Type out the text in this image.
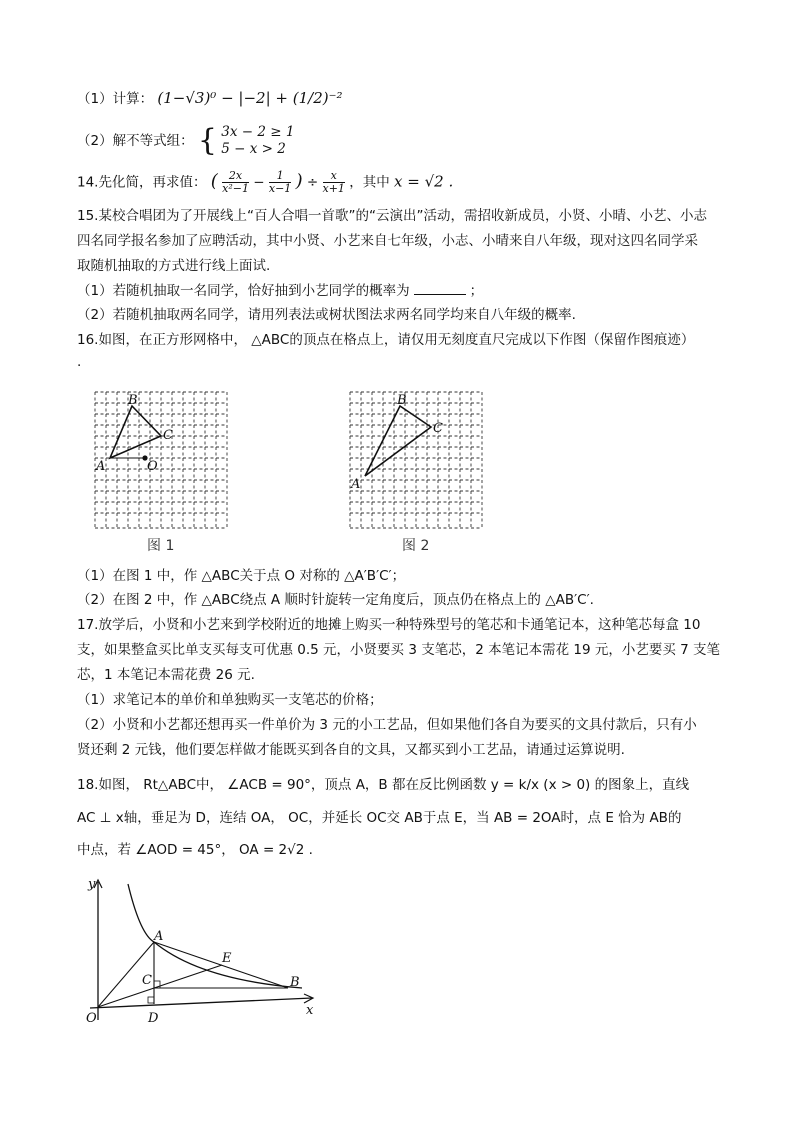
（1）计算： (1−√3)⁰ − |−2| + (1/2)⁻²
（2）解不等式组： { 3x − 2 ≥ 1
5 − x > 2
14.先化简，再求值： ( $\frac{2x}{\text{x²−1}} - \frac{1}{x-1}$ ) ÷ $\frac{x}{x+1}$ ，其中 x = √2 .
15.某校合唱团为了开展线上“百人合唱一首歌”的“云演出”活动，需招收新成员，小贤、小晴、小艺、小志
四名同学报名参加了应聘活动，其中小贤、小艺来自七年级，小志、小晴来自八年级，现对这四名同学采
取随机抽取的方式进行线上面试.
（1）若随机抽取一名同学，恰好抽到小艺同学的概率为	；
（2）若随机抽取两名同学，请用列表法或树状图法求两名同学均来自八年级的概率.
16.如图，在正方形网格中， △ABC的顶点在格点上，请仅用无刻度直尺完成以下作图（保留作图痕迹）
.
B
C
A	O
图 1
B
C
A
图 2
（1）在图 1 中，作 △ABC关于点 O 对称的 △A′B′C′；
（2）在图 2 中，作 △ABC绕点 A 顺时针旋转一定角度后，顶点仍在格点上的 △AB′C′.
17.放学后，小贤和小艺来到学校附近的地摊上购买一种特殊型号的笔芯和卡通笔记本，这种笔芯每盒 10
支，如果整盒买比单支买每支可优惠 0.5 元，小贤要买 3 支笔芯，2 本笔记本需花 19 元，小艺要买 7 支笔
芯，1 本笔记本需花费 26 元.
（1）求笔记本的单价和单独购买一支笔芯的价格；
（2）小贤和小艺都还想再买一件单价为 3 元的小工艺品，但如果他们各自为要买的文具付款后，只有小
贤还剩 2 元钱，他们要怎样做才能既买到各自的文具，又都买到小工艺品，请通过运算说明.
18.如图， Rt△ABC中， ∠ACB = 90°，顶点 A，B 都在反比例函数 y = k/x (x > 0) 的图象上，直线
AC ⊥ x轴，垂足为 D，连结 OA， OC，并延长 OC交 AB于点 E，当 AB = 2OA时，点 E 恰为 AB的
中点，若 ∠AOD = 45°， OA = 2√2 .
y
x
O
A
B
C
D
E
